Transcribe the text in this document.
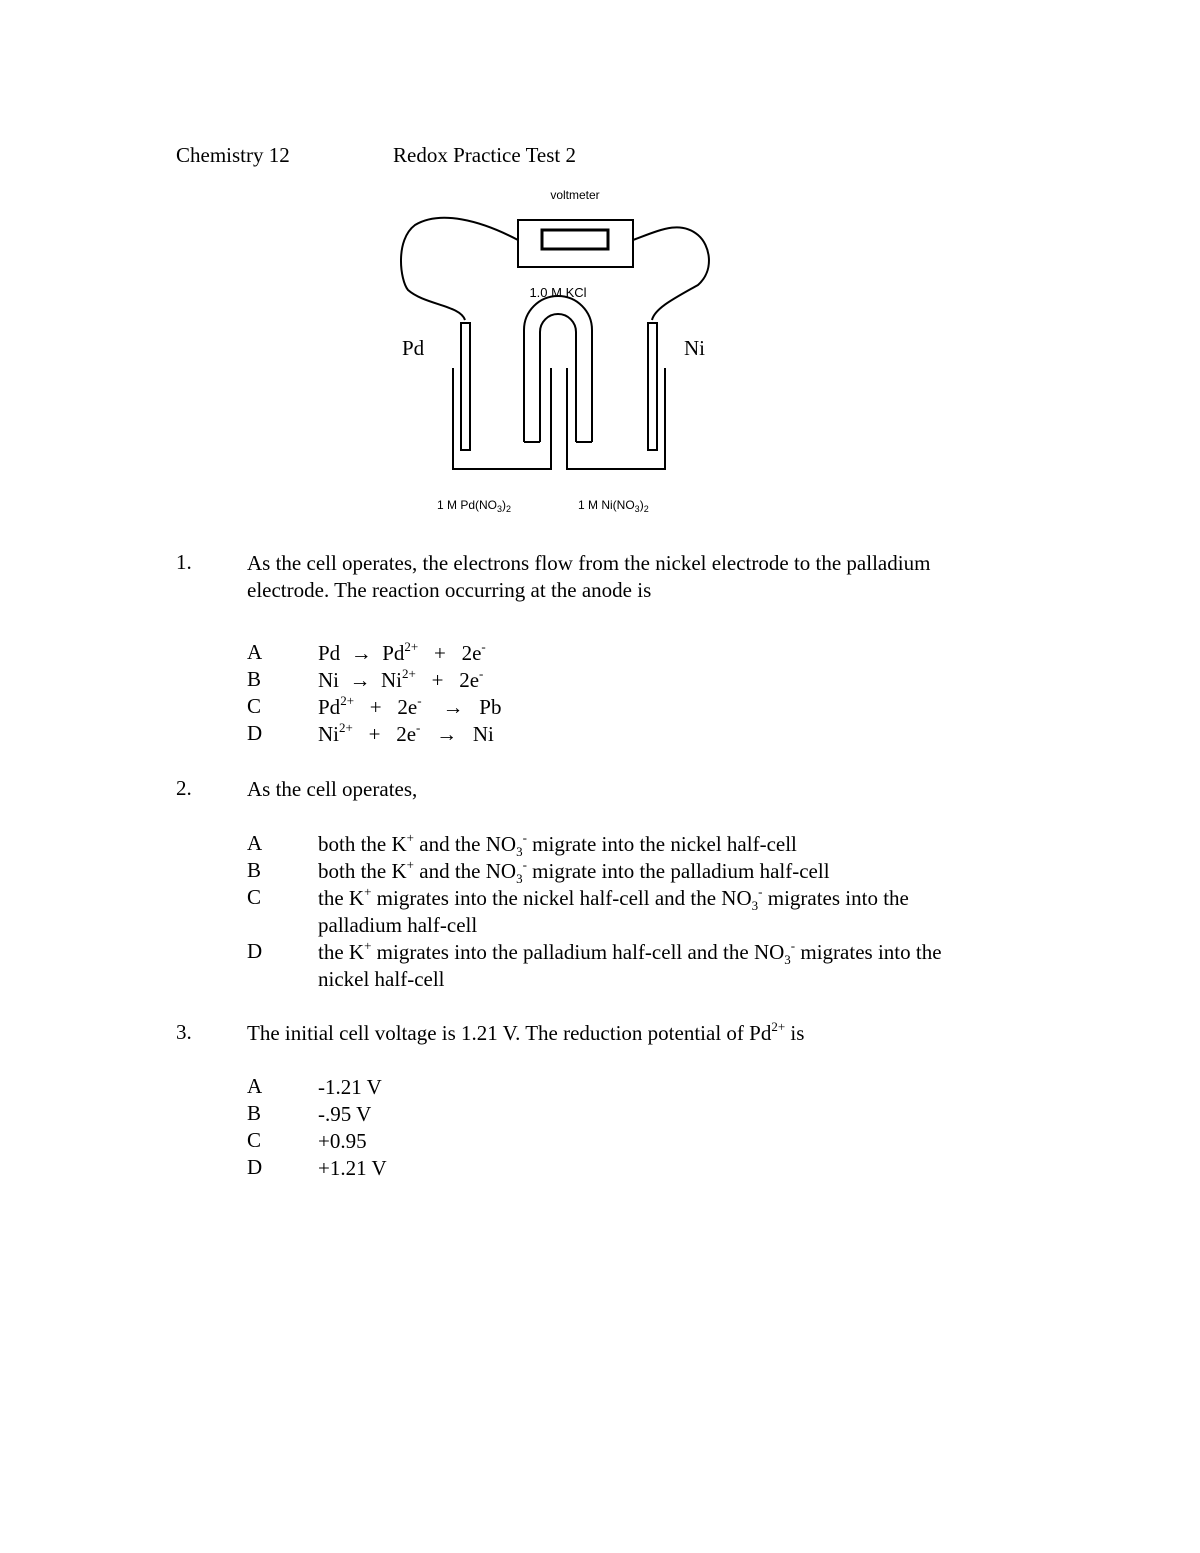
Chemistry 12	Redox Practice Test 2
voltmeter
1.0 M KCl
Pd	Ni
1 M $Pd(NO_3)_2$	1 M $Ni(NO_3)_2$
1.	As the cell operates, the electrons flow from the nickel electrode to the palladium
electrode. The reaction occurring at the anode is
A	$Pd \to Pd^{2+} + 2e^-$
B	$Ni \to Ni^{2+} + 2e^-$
C	$Pd^{2+} + 2e^- \to Pb$
D	$Ni^{2+} + 2e^- \to Ni$
2.	As the cell operates,
A	both the K+ and the $NO_3^-$ migrate into the nickel half-cell
B	both the K+ and the $NO_3^-$ migrate into the palladium half-cell
C	the K+ migrates into the nickel half-cell and the $NO_3^-$ migrates into the
palladium half-cell
D	the K+ migrates into the palladium half-cell and the $NO_3^-$ migrates into the
nickel half-cell
3.	The initial cell voltage is 1.21 V. The reduction potential of $Pd^{2+}$ is
A	-1.21 V
B	-.95 V
C	+0.95
D	+1.21 V
